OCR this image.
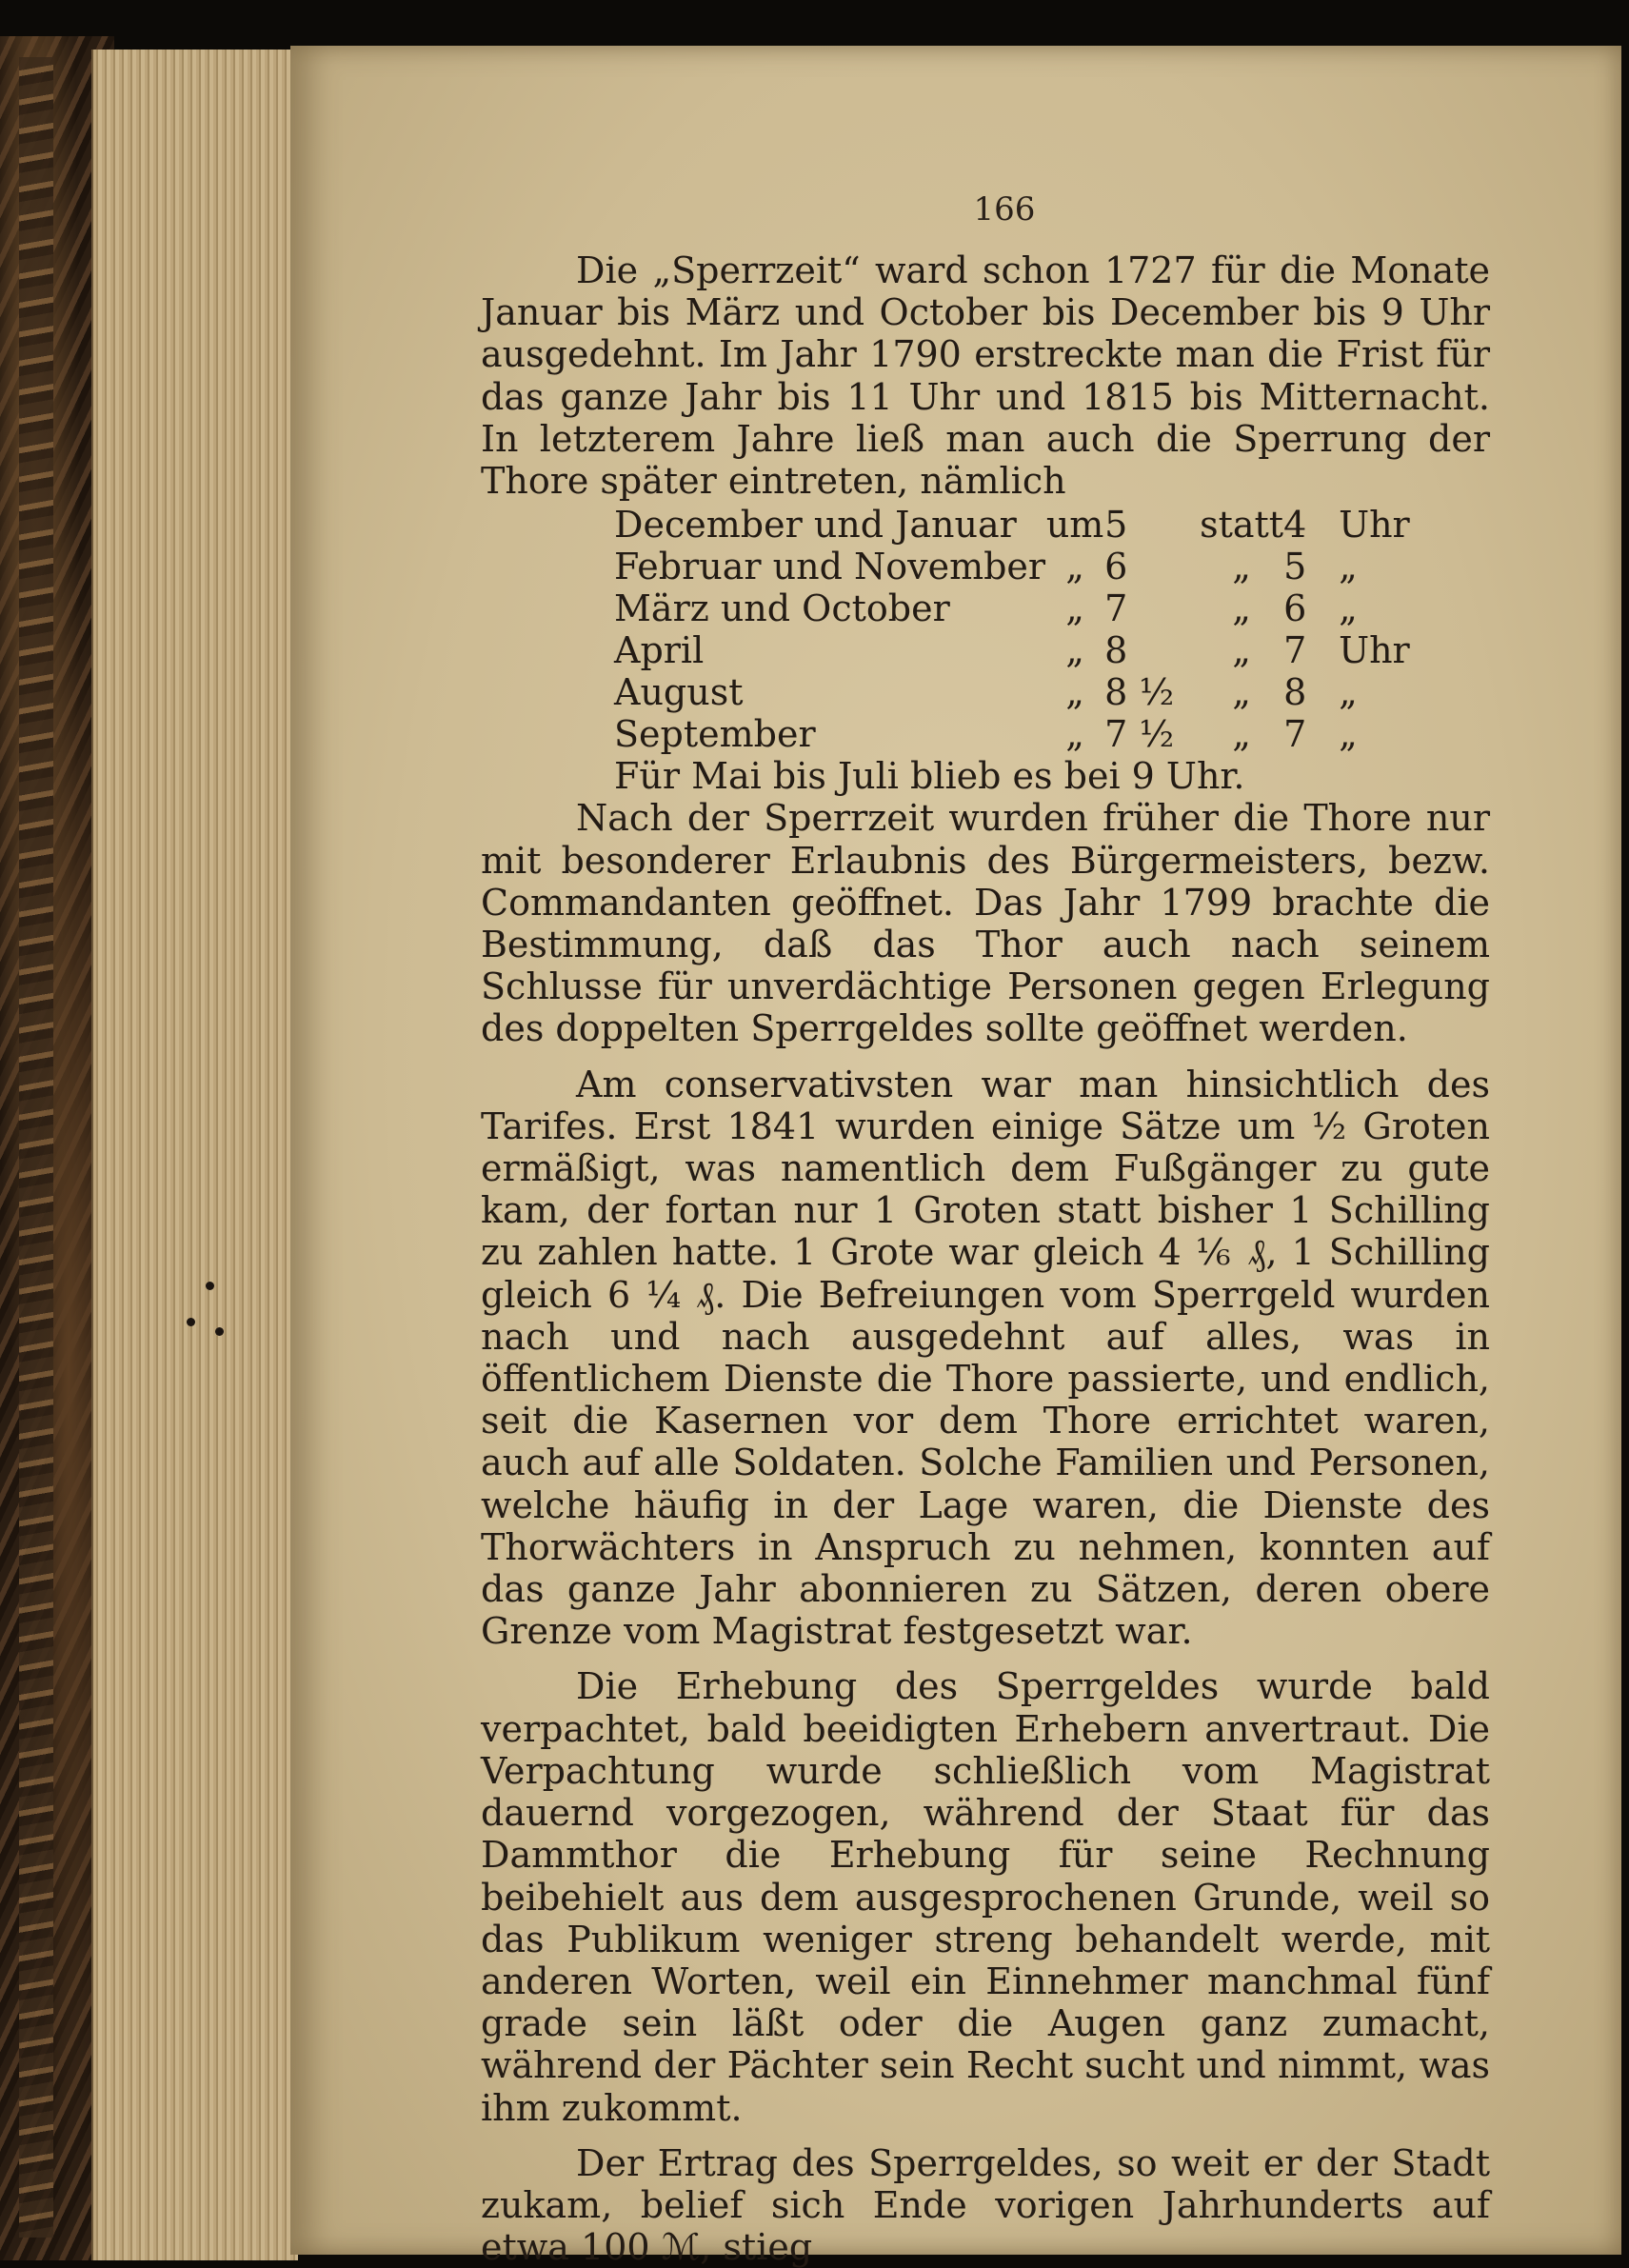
166

Die „Sperrzeit“ ward schon 1727 für die Monate Januar bis März und October bis December bis 9 Uhr ausgedehnt. Im Jahr 1790 erstreckte man die Frist für das ganze Jahr bis 11 Uhr und 1815 bis Mitternacht. In letzterem Jahre ließ man auch die Sperrung der Thore später eintreten, nämlich

December und Januar	um	5	statt	4	Uhr
Februar und November	„	6	„	5	„
März und October	„	7	„	6	„
April	„	8	„	7	Uhr
August	„	8 ½	„	8	„
September	„	7 ½	„	7	„

Für Mai bis Juli blieb es bei 9 Uhr.

Nach der Sperrzeit wurden früher die Thore nur mit besonderer Erlaubnis des Bürgermeisters, bezw. Commandanten geöffnet. Das Jahr 1799 brachte die Bestimmung, daß das Thor auch nach seinem Schlusse für unverdächtige Personen gegen Erlegung des doppelten Sperrgeldes sollte geöffnet werden.

Am conservativsten war man hinsichtlich des Tarifes. Erst 1841 wurden einige Sätze um ½ Groten ermäßigt, was namentlich dem Fußgänger zu gute kam, der fortan nur 1 Groten statt bisher 1 Schilling zu zahlen hatte. 1 Grote war gleich 4 ⅙ ₰, 1 Schilling gleich 6 ¼ ₰. Die Befreiungen vom Sperrgeld wurden nach und nach ausgedehnt auf alles, was in öffentlichem Dienste die Thore passierte, und endlich, seit die Kasernen vor dem Thore errichtet waren, auch auf alle Soldaten. Solche Familien und Personen, welche häufig in der Lage waren, die Dienste des Thorwächters in Anspruch zu nehmen, konnten auf das ganze Jahr abonnieren zu Sätzen, deren obere Grenze vom Magistrat festgesetzt war.

Die Erhebung des Sperrgeldes wurde bald verpachtet, bald beeidigten Erhebern anvertraut. Die Verpachtung wurde schließlich vom Magistrat dauernd vorgezogen, während der Staat für das Dammthor die Erhebung für seine Rechnung beibehielt aus dem ausgesprochenen Grunde, weil so das Publikum weniger streng behandelt werde, mit anderen Worten, weil ein Einnehmer manchmal fünf grade sein läßt oder die Augen ganz zumacht, während der Pächter sein Recht sucht und nimmt, was ihm zukommt.

Der Ertrag des Sperrgeldes, so weit er der Stadt zukam, belief sich Ende vorigen Jahrhunderts auf etwa 100 ℳ, stieg
